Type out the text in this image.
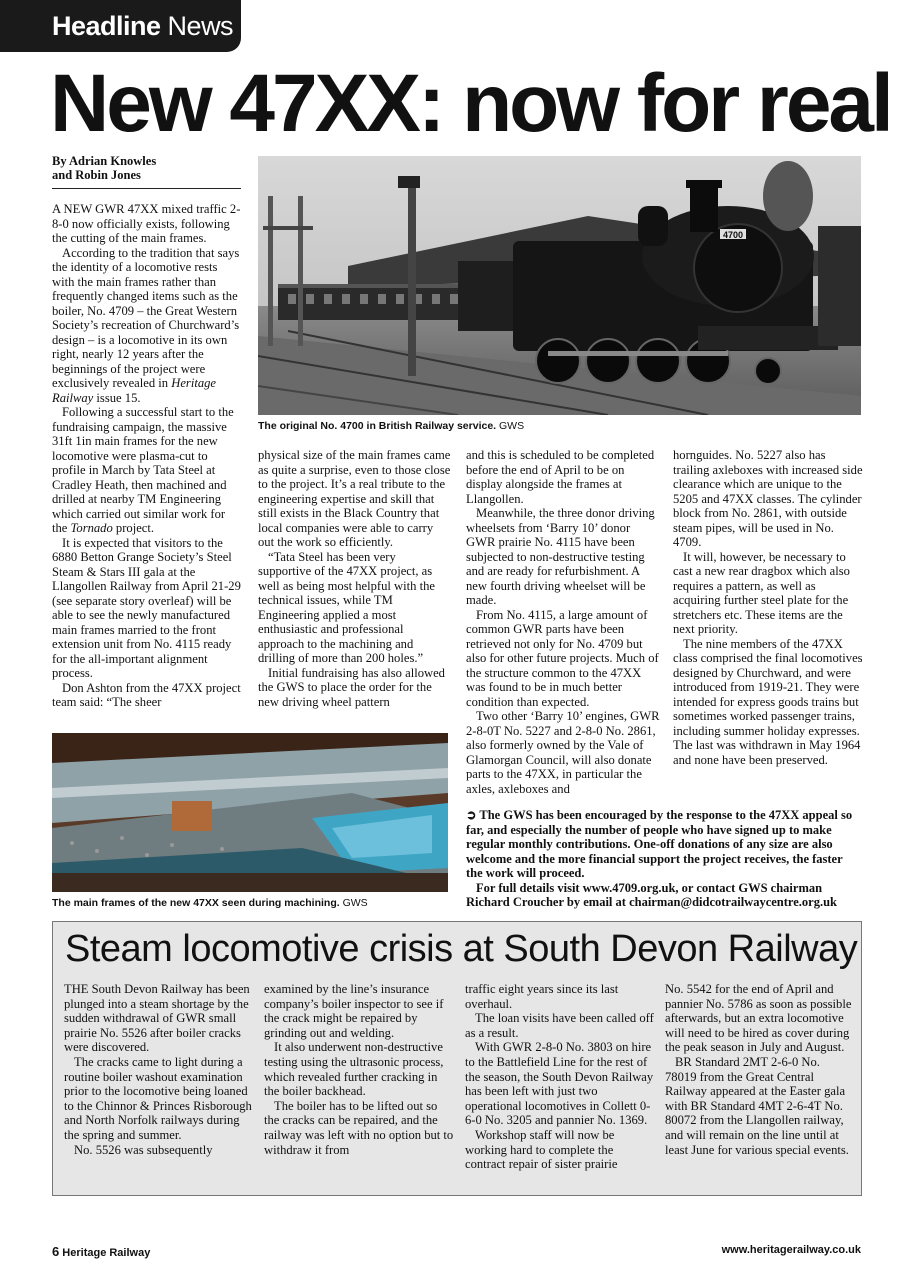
Headline News
New 47XX: now for real
By Adrian Knowles
and Robin Jones

A NEW GWR 47XX mixed traffic 2-8-0 now officially exists, following the cutting of the main frames.

According to the tradition that says the identity of a locomotive rests with the main frames rather than frequently changed items such as the boiler, No. 4709 – the Great Western Society’s recreation of Churchward’s design – is a locomotive in its own right, nearly 12 years after the beginnings of the project were exclusively revealed in Heritage Railway issue 15.

Following a successful start to the fundraising campaign, the massive 31ft 1in main frames for the new locomotive were plasma-cut to profile in March by Tata Steel at Cradley Heath, then machined and drilled at nearby TM Engineering which carried out similar work for the Tornado project.

It is expected that visitors to the 6880 Betton Grange Society’s Steel Steam & Stars III gala at the Llangollen Railway from April 21-29 (see separate story overleaf) will be able to see the newly manufactured main frames married to the front extension unit from No. 4115 ready for the all-important alignment process.

Don Ashton from the 47XX project team said: “The sheer

4700
The original No. 4700 in British Railway service. GWS

physical size of the main frames came as quite a surprise, even to those close to the project. It’s a real tribute to the engineering expertise and skill that still exists in the Black Country that local companies were able to carry out the work so efficiently.

“Tata Steel has been very supportive of the 47XX project, as well as being most helpful with the technical issues, while TM Engineering applied a most enthusiastic and professional approach to the machining and drilling of more than 200 holes.”

Initial fundraising has also allowed the GWS to place the order for the new driving wheel pattern

and this is scheduled to be completed before the end of April to be on display alongside the frames at Llangollen.

Meanwhile, the three donor driving wheelsets from ‘Barry 10’ donor GWR prairie No. 4115 have been subjected to non-destructive testing and are ready for refurbishment. A new fourth driving wheelset will be made.

From No. 4115, a large amount of common GWR parts have been retrieved not only for No. 4709 but also for other future projects. Much of the structure common to the 47XX was found to be in much better condition than expected.

Two other ‘Barry 10’ engines, GWR 2-8-0T No. 5227 and 2-8-0 No. 2861, also formerly owned by the Vale of Glamorgan Council, will also donate parts to the 47XX, in particular the axles, axleboxes and

hornguides. No. 5227 also has trailing axleboxes with increased side clearance which are unique to the 5205 and 47XX classes. The cylinder block from No. 2861, with outside steam pipes, will be used in No. 4709.

It will, however, be necessary to cast a new rear dragbox which also requires a pattern, as well as acquiring further steel plate for the stretchers etc. These items are the next priority.

The nine members of the 47XX class comprised the final locomotives designed by Churchward, and were introduced from 1919-21. They were intended for express goods trains but sometimes worked passenger trains, including summer holiday expresses. The last was withdrawn in May 1964 and none have been preserved.

The main frames of the new 47XX seen during machining. GWS

➲ The GWS has been encouraged by the response to the 47XX appeal so far, and especially the number of people who have signed up to make regular monthly contributions. One-off donations of any size are also welcome and the more financial support the project receives, the faster the work will proceed.

For full details visit www.4709.org.uk, or contact GWS chairman Richard Croucher by email at chairman@didcotrailwaycentre.org.uk

Steam locomotive crisis at South Devon Railway

THE South Devon Railway has been plunged into a steam shortage by the sudden withdrawal of GWR small prairie No. 5526 after boiler cracks were discovered.

The cracks came to light during a routine boiler washout examination prior to the locomotive being loaned to the Chinnor & Princes Risborough and North Norfolk railways during the spring and summer.

No. 5526 was subsequently

examined by the line’s insurance company’s boiler inspector to see if the crack might be repaired by grinding out and welding.

It also underwent non-destructive testing using the ultrasonic process, which revealed further cracking in the boiler backhead.

The boiler has to be lifted out so the cracks can be repaired, and the railway was left with no option but to withdraw it from

traffic eight years since its last overhaul.

The loan visits have been called off as a result.

With GWR 2-8-0 No. 3803 on hire to the Battlefield Line for the rest of the season, the South Devon Railway has been left with just two operational locomotives in Collett 0-6-0 No. 3205 and pannier No. 1369.

Workshop staff will now be working hard to complete the contract repair of sister prairie

No. 5542 for the end of April and pannier No. 5786 as soon as possible afterwards, but an extra locomotive will need to be hired as cover during the peak season in July and August.

BR Standard 2MT 2-6-0 No. 78019 from the Great Central Railway appeared at the Easter gala with BR Standard 4MT 2-6-4T No. 80072 from the Llangollen railway, and will remain on the line until at least June for various special events.

6 Heritage Railway	www.heritagerailway.co.uk
